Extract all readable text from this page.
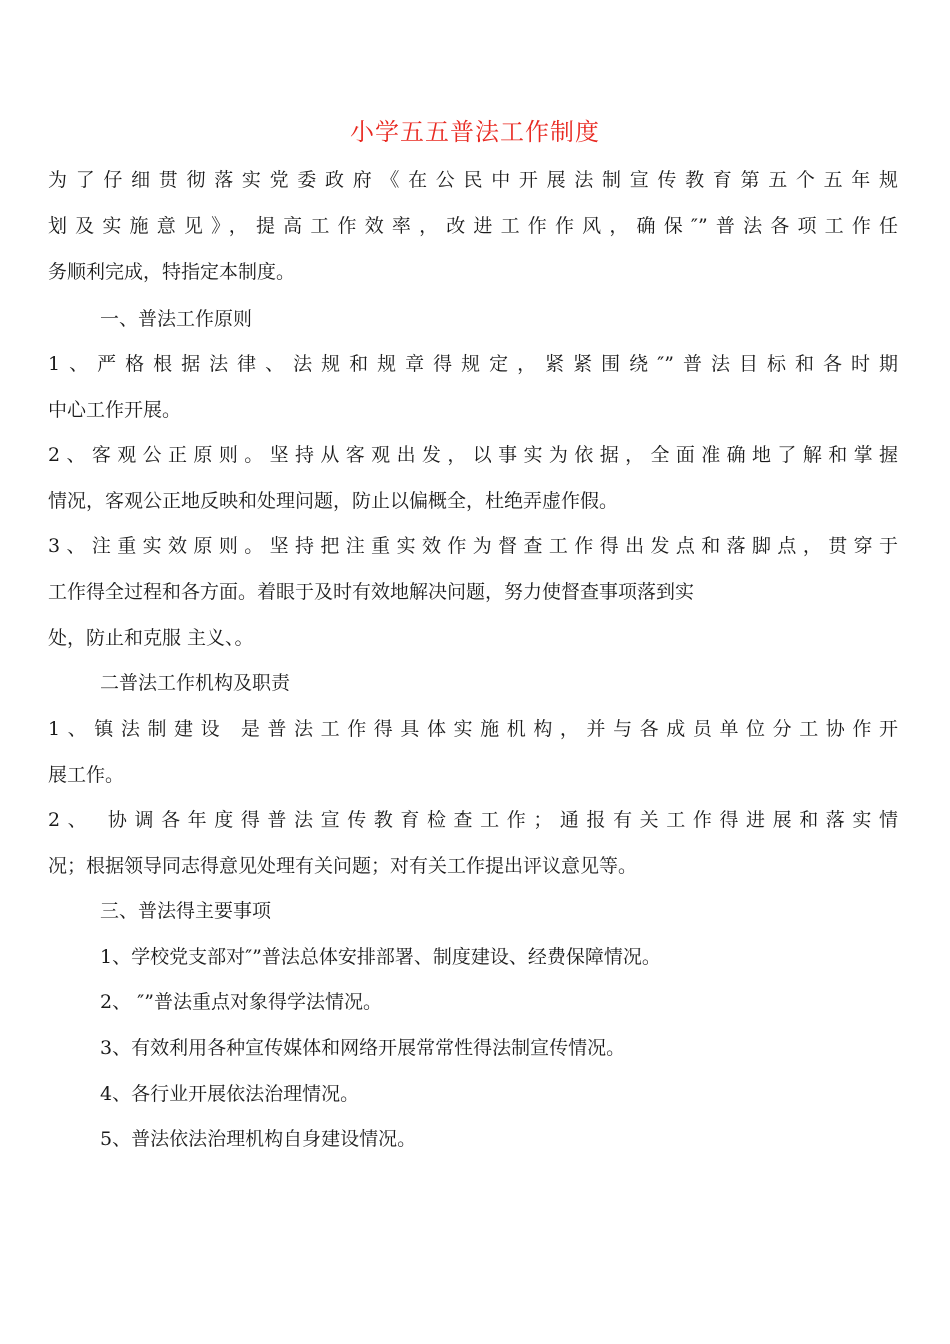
小学五五普法工作制度
为了仔细贯彻落实党委政府《在公民中开展法制宣传教育第五个五年规
划及实施意见》，提高工作效率，改进工作作风，确保″”普法各项工作任
务顺利完成，特指定本制度。
一、普法工作原则
1、严格根据法律、法规和规章得规定，紧紧围绕″”普法目标和各时期
中心工作开展。
2、客观公正原则。坚持从客观出发，以事实为依据，全面准确地了解和掌握
情况，客观公正地反映和处理问题，防止以偏概全，杜绝弄虚作假。
3、注重实效原则。坚持把注重实效作为督查工作得出发点和落脚点，贯穿于
工作得全过程和各方面。着眼于及时有效地解决问题，努力使督查事项落到实
处，防止和克服 主义、。
二普法工作机构及职责
1、镇法制建设 是普法工作得具体实施机构，并与各成员单位分工协作开
展工作。
2、 协调各年度得普法宣传教育检查工作；通报有关工作得进展和落实情
况；根据领导同志得意见处理有关问题；对有关工作提出评议意见等。
三、普法得主要事项
1、学校党支部对″”普法总体安排部署、制度建设、经费保障情况。
2、 ″”普法重点对象得学法情况。
3、有效利用各种宣传媒体和网络开展常常性得法制宣传情况。
4、各行业开展依法治理情况。
5、普法依法治理机构自身建设情况。
